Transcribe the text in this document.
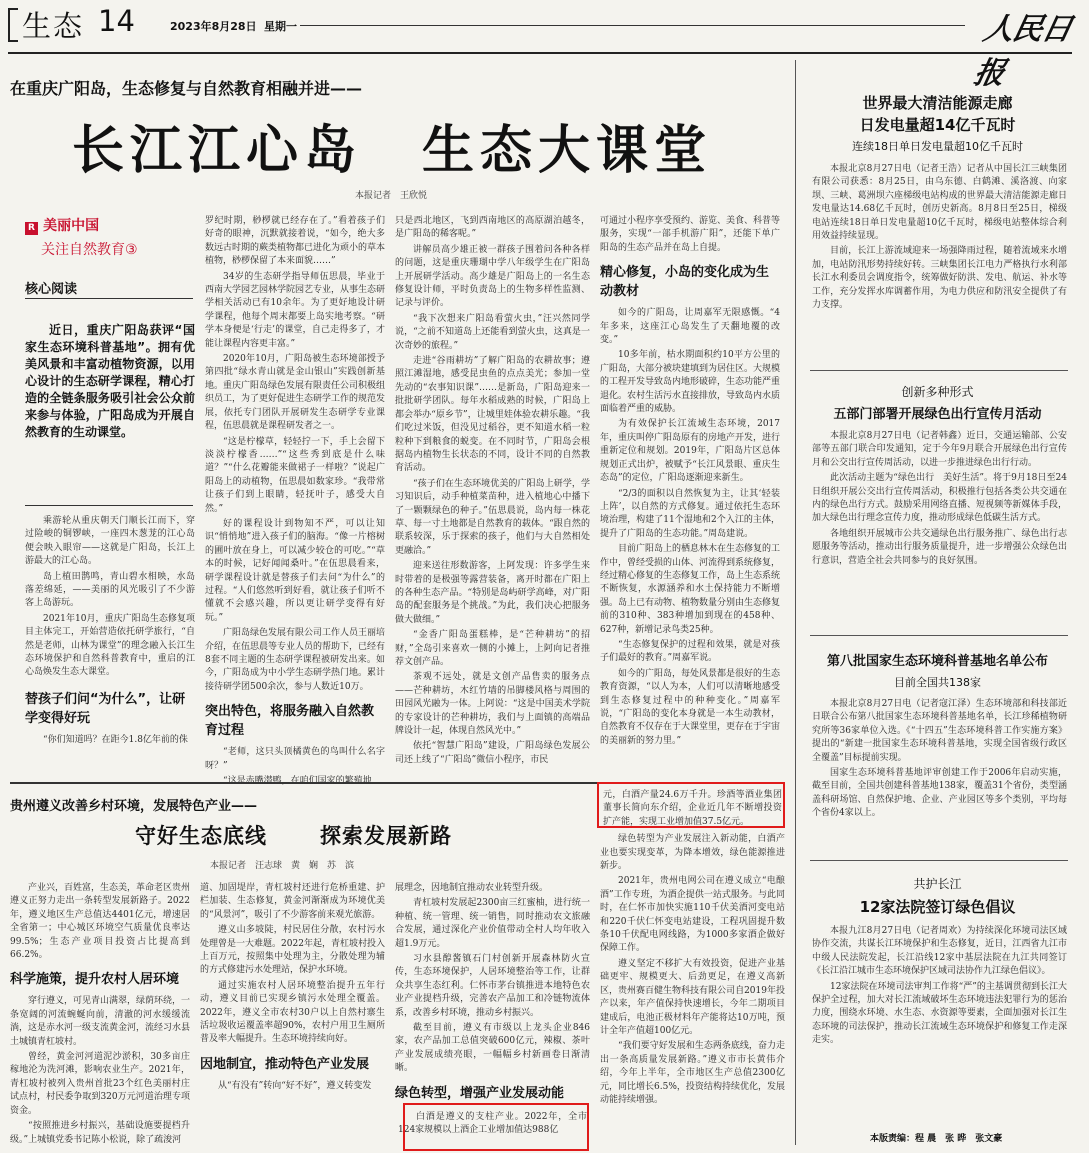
生态 14	2023年8月28日 星期一	人民日报
在重庆广阳岛，生态修复与自然教育相融并进——
长江江心岛 生态大课堂
本报记者　王欣悦
R 美丽中国
关注自然教育③
核心阅读
近日，重庆广阳岛获评“国家生态环境科普基地”。拥有优美风景和丰富动植物资源，以用心设计的生态研学课程，精心打造的全链条服务吸引社会公众前来参与体验，广阳岛成为开展自然教育的生动课堂。

乘游轮从重庆朝天门顺长江而下，穿过险峻的铜锣峡，一座四木葱茏的江心岛便会映入眼帘——这就是广阳岛，长江上游最大的江心岛。

岛上植田鹊鸣，青山碧水相映，水岛落差绵延，——美丽的风光吸引了不少游客上岛游玩。

2021年10月，重庆广阳岛生态修复项目主体完工，开始营造依托研学旅行，“自然是老师，山林为课堂”的理念融入长江生态环境保护和自然科普教育中，重启的江心岛焕发生态大课堂。

替孩子们问“为什么”，让研学变得好玩

“你们知道吗？在距今1.8亿年前的侏

罗纪时期，桫椤就已经存在了。”看着孩子们好奇的眼神，沉默就接着说，“如今，绝大多数远古时期的蕨类植物都已进化为顽小的草本植物，桫椤保留了本来面貌……”

34岁的生态研学指导师伍思晨，毕业于西南大学园艺园林学院园艺专业，从事生态研学相关活动已有10余年。为了更好地设计研学课程，他每个周末都要上岛实地考察。“研学本身便是‘行走’的课堂，自己走得多了，才能让课程内容更丰富。”

2020年10月，广阳岛被生态环境部授予第四批“绿水青山就是金山银山”实践创新基地。重庆广阳岛绿色发展有限责任公司积极组织员工，为了更好促进生态研学工作的规范发展，依托专门团队开展研发生态研学专业课程，伍思晨就是课程研发者之一。

“这是柠檬草，轻轻拧一下，手上会留下淡淡柠檬香……”“这些秀到底是什么味道？”“什么花瓣能来做裙子一样啦？”说起广阳岛上的动植物，伍思晨如数家珍。“我带常让孩子们到上眼睛，轻抚叶子，感受大自然。”

好的课程设计到物知不严，可以让知识“悄悄地”进入孩子们的脑海。“像一片榕树的圃叶放在身上，可以减少较仓的可吃。”“草本的时候，记好闻闻桑叶。”在伍思晨看来，研学课程设计就是替孩子们去问“为什么”的过程。“人们悠然听到好看，就让孩子们听不懂就不会感兴趣，所以更让研学变得有好玩。”

广阳岛绿色发展有限公司工作人员王丽培介绍，在伍思晨等专业人员的帮助下，已经有8套不同主题的生态研学课程被研发出来。如今，广阳岛成为中小学生态研学热门地。累计接待研学团500余次，参与人数近10万。

突出特色，将服务融入自然教育过程

“老师，这只头顶橘黄色的鸟叫什么名字呀？”

只是西北地区，飞到西南地区的高原湖泊越冬，是广阳岛的稀客呢。”

讲解员高少雄正被一群孩子围着问各种各样的问题，这是重庆珊瑚中学八年级学生在广阳岛上开展研学活动。高少雄是广阳岛上的一名生态修复设计师，平时负责岛上的生物多样性监测、记录与评价。

“我下次想来广阳岛看萤火虫，”汪兴然同学说，“之前不知道岛上还能看到萤火虫，这真是一次奇妙的旅程。”

走进“谷雨耕坊”了解广阳岛的农耕故事；遵照江滩湿地，感受昆虫鱼的点点美光；参加一堂先动的“农事知识课”……是新岛，广阳岛迎来一批批研学团队。每年水稻成熟的时候，广阳岛上都会举办“原乡节”，让城里娃体验农耕乐趣。“我们吃过米饭，但没见过稻谷，更不知道水稻一粒粒种下到粮食的蜕变。在不同时节，广阳岛会根据岛内植物生长状态的不同，设计不同的自然教育活动。

“孩子们在生态环境优美的广阳岛上研学，学习知识后，动手种植菜苗种，进入植地心中播下了一颗颗绿色的种子。”伍思晨说，岛内每一株花草、每一寸土地都是自然教育的载体。“跟自然的联系较深，乐于探索的孩子，他们与大自然相处更融洽。”

迎来送往形数游客，上阿发现：许多学生来时带着的是极强等露营装备，离开时都在广阳上的各种生态产品。“特别是岛屿研学高峰，对广阳岛的配套服务是个挑战。”为此，我们决心把服务做大做细。”

“金香广阳岛蛋糕棒，是“芒种耕坊”的招财，”全岛引来喜欢一侧的小摊上，上阿向记者推荐文创产品。

茶观不远处，就是文创产品售卖的服务点——芒种耕坊，木红竹墙的吊脚楼风格与周围的田园风光融为一体。上阿说：“这是中国美术学院的专家设计的芒种耕坊，我们与上面镇的高端品牌设计一起，体现自然风光中。”

依托“智慧广阳岛”建设，广阳岛绿色发展公司还上线了“广阳岛”微信小程序，市民

可通过小程序享受预约、游览、美食、科普等服务，实现“一部手机游广阳”，还能下单广阳岛的生态产品并在岛上自提。

精心修复，小岛的变化成为生动教材

如今的广阳岛，让周嘉军无限感慨。“4年多来，这座江心岛发生了天翻地覆的改变。”

10多年前，枯水期面积约10平方公里的广阳岛，大部分被块建填到为居住区。大规模的工程开发导致岛内地形破碎，生态功能严重退化。农村生活污水直接排放，导致岛内水质面临着严重的威胁。

为有效保护长江流域生态环境，2017年，重庆叫停广阳岛原有的房地产开发，进行重新定位和规划。2019年，广阳岛片区总体规划正式出炉，被赋予“长江风景眼、重庆生态岛”的定位，广阳岛逐渐迎来新生。

“2/3的面积以自然恢复为主，让其‘轻装上阵’，以自然的方式修复。通过依托生态环境治理，构建了11个湿地和2个入江的主体，提升了广阳岛的生态功能。”周岛建说。

目前广阳岛上的栖息林木在生态修复的工作中，曾经受损的山体、河流得到系统修复，经过精心修复的生态修复工作，岛上生态系统不断恢复，水源涵养和水土保持能力不断增强。岛上已有动物、植物数量分别由生态修复前的310种、383种增加到现在的458种、627种，新增记录鸟类25种。

“生态修复保护的过程和效果，就是对孩子们最好的教育。”周嘉军说。

如今的广阳岛，每处风景都是很好的生态教育资源，“以人为本，人们可以清晰地感受到生态修复过程中的种种变化。”周嘉军说，“广阳岛的变化本身就是一本生动教材，自然教育不仅存在于大课堂里，更存在于宇宙的美丽新的努力里。”

世界最大清洁能源走廊
日发电量超14亿千瓦时
连续18日单日发电量超10亿千瓦时

本报北京8月27日电（记者王浩）记者从中国长江三峡集团有限公司获悉：8月25日，由乌东德、白鹤滩、溪洛渡、向家坝、三峡、葛洲坝六座梯级电站构成的世界最大清洁能源走廊日发电量达14.68亿千瓦时，创历史新高。8月8日至25日，梯级电站连续18日单日发电量超10亿千瓦时，梯级电站整体综合利用效益持续显现。

目前，长江上游流域迎来一场强降雨过程，随着流域来水增加，电站防汛形势持续好转。三峡集团长江电力严格执行水利部长江水利委员会调度指令，统筹做好防洪、发电、航运、补水等工作，充分发挥水库调蓄作用，为电力供应和防汛安全提供了有力支撑。

创新多种形式
五部门部署开展绿色出行宣传月活动

本报北京8月27日电（记者韩鑫）近日，交通运输部、公安部等五部门联合印发通知，定于今年9月联合开展绿色出行宣传月和公交出行宣传周活动，以进一步推进绿色出行行动。

此次活动主题为“绿色出行　美好生活”。将于9月18日至24日组织开展公交出行宣传周活动，积极推行包括各类公共交通在内的绿色出行方式。鼓励采用网络直播、短视频等新媒体手段，加大绿色出行理念宣传力度，推动形成绿色低碳生活方式。

各地组织开展城市公共交通绿色出行服务推广、绿色出行志愿服务等活动，推动出行服务质量提升，进一步增强公众绿色出行意识，营造全社会共同参与的良好氛围。

第八批国家生态环境科普基地名单公布
目前全国共138家

本报北京8月27日电（记者寇江泽）生态环境部和科技部近日联合公布第八批国家生态环境科普基地名单，长江珍稀植物研究所等36家单位入选。《“十四五”生态环境科普工作实施方案》提出的“新建一批国家生态环境科普基地，实现全国省级行政区全覆盖”目标提前实现。

国家生态环境科普基地评审创建工作于2006年启动实施，截至目前，全国共创建科普基地138家，覆盖31个省份，类型涵盖科研场馆、自然保护地、企业、产业园区等多个类别，平均每个省份4家以上。

共护长江
12家法院签订绿色倡议

本报九江8月27日电（记者周欢）为持续深化环境司法区域协作交流，共谋长江环境保护和生态修复，近日，江西省九江市中级人民法院发起，长江沿线12家中基层法院在九江共同签订《长江沿江城市生态环境保护区域司法协作九江绿色倡议》。

12家法院在环境司法审判工作将“严”的主基调贯彻到长江大保护全过程，加大对长江流域破坏生态环境违法犯罪行为的惩治力度，围绕水环境、水生态、水资源等要素，全面加强对长江生态环境的司法保护，推动长江流域生态环境保护和修复工作走深走实。

本版责编：程 晨　张 晔　张文豪
贵州遵义改善乡村环境，发展特色产业——
守好生态底线	探索发展新路
本报记者　汪志球　黄　娴　苏　滨

产业兴，百姓富，生态美，革命老区贵州遵义正努力走出一条转型发展新路子。2022年，遵义地区生产总值达4401亿元，增速居全省第一；中心城区环境空气质量优良率达99.5%；生态产业项目投资占比提高到66.2%。

科学施策，提升农村人居环境

穿行遵义，可见青山满翠，绿荫环绕，一条宽阔的河流蜿蜒向前，清澈的河水缓缓流淌，这是赤水河一级支流黄金河，流经习水县土城镇青杠坡村。

曾经，黄金河河道泥沙淤积，30多亩庄稼地沦为洗河滩，影响农业生产。2021年，青杠坡村被列入贵州首批23个红色美丽村庄试点村，村民委争取到320万元河道治理专项资金。

“按照推进乡村振兴，基础设施要提档升级。”上城镇党委书记陈小松说，除了疏浚河

道、加固堤岸，青杠坡村还进行危桥重建、护栏加装、生态修复，黄金河渐渐成为环境优美的“风景河”，吸引了不少游客前来观光旅游。

遵义山多坡陡，村民居住分散，农村污水处理曾是一大难题。2022年起，青杠坡村投入上百万元，按照集中处理为主，分散处理为辅的方式修建污水处理站，保护水环境。

通过实施农村人居环境整治提升五年行动，遵义目前已实现乡镇污水处理全覆盖。2022年，遵义全市农村30户以上自然村寨生活垃圾收运覆盖率超90%，农村户用卫生厕所普及率大幅提升。生态环境持续向好。

因地制宜，推动特色产业发展

从“有没有”转向“好不好”，遵义转变发

展理念，因地制宜推动农业转型升级。

青杠坡村发展起2300亩三红蜜柚，进行统一种植、统一管理、统一销售，同时推动农文旅融合发展，通过深化产业价值带动全村人均年收入超1.9万元。

习水县醇酱镇石门村创新开展森林防火宣传，生态环境保护，人居环境整治等工作，让群众共享生态红利。仁怀市茅台镇推进本地特色农业产业提档升级，完善农产品加工和冷链物流体系，改善乡村环境，推动乡村振兴。

截至目前，遵义有市级以上龙头企业846家，农产品加工总值突破600亿元，辣椒、茶叶产业发展成绩亮眼，一幅幅乡村新画卷日渐清晰。

绿色转型，增强产业发展动能

白酒是遵义的支柱产业。2022年，全市124家规模以上酒企工业增加值达988亿

元，白酒产量24.6万千升。珍酒等酒业集团董事长简向东介绍，企业近几年不断增投资扩产能，实现工业增加值37.5亿元。

绿色转型为产业发展注入新动能，白酒产业也要实现变革，为降本增效，绿色能源推进新步。

2021年，贵州电网公司在遵义成立“电酿酒”工作专班，为酒企提供一站式服务。与此同时，在仁怀市加快实施110千伏美酒河变电站和220千伏仁怀变电站建设，工程巩固提升数条10千伏配电网线路，为1000多家酒企做好保障工作。

遵义坚定不移扩大有效投资，促进产业基础更牢、规模更大、后劲更足，在遵义高新区，贵州赛百健生物科技有限公司自2019年投产以来，年产值保持快速增长，今年二期项目建成后，电池正极材料年产能将达10万吨，预计全年产值超100亿元。

“我们要守好发展和生态两条底线，奋力走出一条高质量发展新路。”遵义市市长黄伟介绍，今年上半年，全市地区生产总值2300亿元，同比增长6.5%，投资结构持续优化，发展动能持续增强。
